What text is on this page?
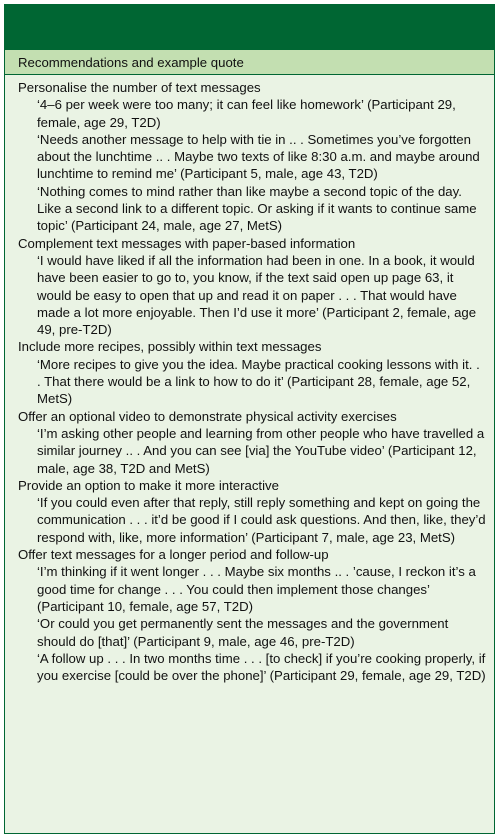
Recommendations and example quote

Personalise the number of text messages

‘4–6 per week were too many; it can feel like homework’ (Participant 29, female, age 29, T2D)

‘Needs another message to help with tie in .. . Sometimes you’ve forgotten about the lunchtime .. . Maybe two texts of like 8:30 a.m. and maybe around lunchtime to remind me’ (Participant 5, male, age 43, T2D)

‘Nothing comes to mind rather than like maybe a second topic of the day. Like a second link to a different topic. Or asking if it wants to continue same topic’ (Participant 24, male, age 27, MetS)

Complement text messages with paper-based information

‘I would have liked if all the information had been in one. In a book, it would have been easier to go to, you know, if the text said open up page 63, it would be easy to open that up and read it on paper . . . That would have made a lot more enjoyable. Then I’d use it more’ (Participant 2, female, age 49, pre-T2D)

Include more recipes, possibly within text messages

‘More recipes to give you the idea. Maybe practical cooking lessons with it. . . That there would be a link to how to do it’ (Participant 28, female, age 52, MetS)

Offer an optional video to demonstrate physical activity exercises

‘I’m asking other people and learning from other people who have travelled a similar journey .. . And you can see [via] the YouTube video’ (Participant 12, male, age 38, T2D and MetS)

Provide an option to make it more interactive

‘If you could even after that reply, still reply something and kept on going the communication . . . it’d be good if I could ask questions. And then, like, they’d respond with, like, more information’ (Participant 7, male, age 23, MetS)

Offer text messages for a longer period and follow-up

‘I’m thinking if it went longer . . . Maybe six months .. . ’cause, I reckon it’s a good time for change . . . You could then implement those changes’ (Participant 10, female, age 57, T2D)

‘Or could you get permanently sent the messages and the government should do [that]’ (Participant 9, male, age 46, pre-T2D)

‘A follow up . . . In two months time . . . [to check] if you’re cooking properly, if you exercise [could be over the phone]’ (Participant 29, female, age 29, T2D)
